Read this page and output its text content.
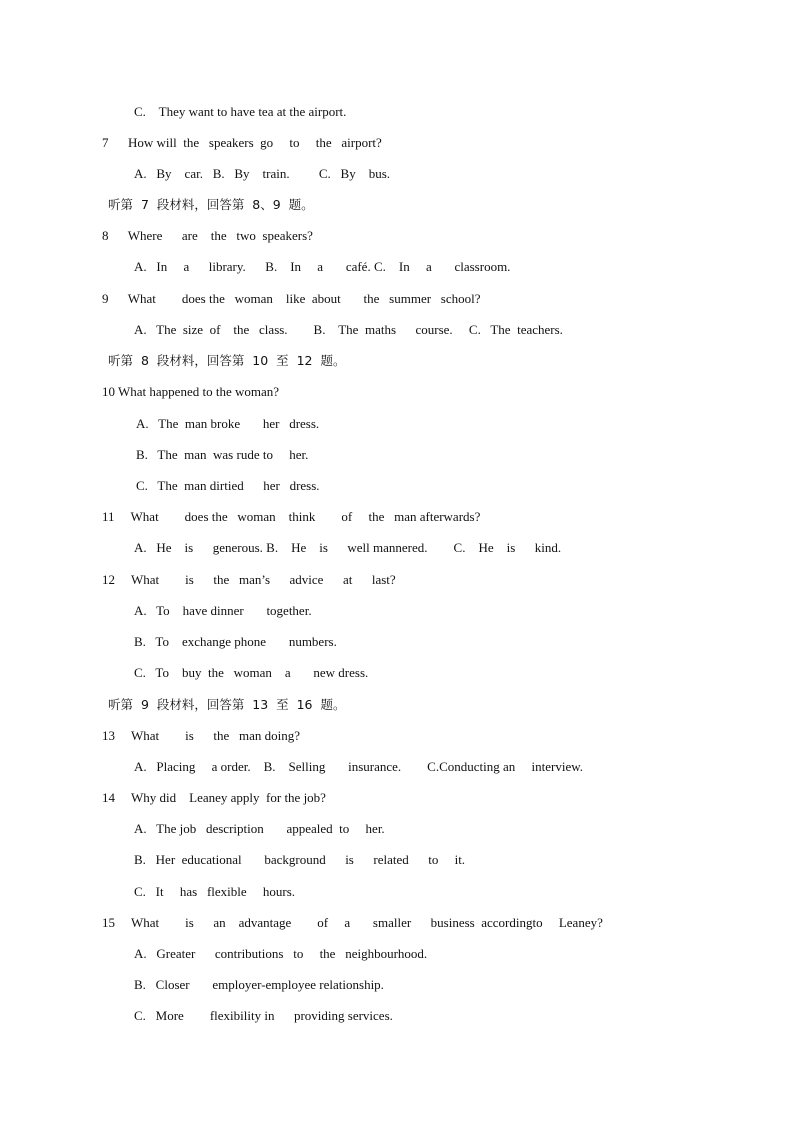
C.    They want to have tea at the airport.
7      How will  the   speakers  go     to     the   airport?
A.   By    car.   B.   By    train.         C.   By    bus.
听第  7  段材料，回答第  8、9  题。
8      Where      are    the   two  speakers?
A.   In     a      library.      B.    In     a       café. C.    In     a       classroom.
9      What        does the   woman    like  about       the   summer   school?
A.   The  size  of    the   class.        B.    The  maths      course.     C.   The  teachers.
听第  8  段材料，回答第  10  至  12  题。
10 What happened to the woman?
A.   The  man broke       her   dress.
B.   The  man  was rude to     her.
C.   The  man dirtied      her   dress.
11     What        does the   woman    think        of     the   man afterwards?
A.   He    is      generous. B.    He    is      well mannered.        C.    He    is      kind.
12     What        is      the   man’s      advice      at      last?
A.   To    have dinner       together.
B.   To    exchange phone       numbers.
C.   To    buy  the   woman    a       new dress.
听第  9  段材料，回答第  13  至  16  题。
13     What        is      the   man doing?
A.   Placing     a order.    B.    Selling       insurance.        C.Conducting an     interview.
14     Why did    Leaney apply  for the job?
A.   The job   description       appealed  to     her.
B.   Her  educational       background      is      related      to     it.
C.   It     has   flexible     hours.
15     What        is      an    advantage        of     a       smaller      business  accordingto     Leaney?
A.   Greater      contributions   to     the   neighbourhood.
B.   Closer       employer-employee relationship.
C.   More        flexibility in      providing services.
